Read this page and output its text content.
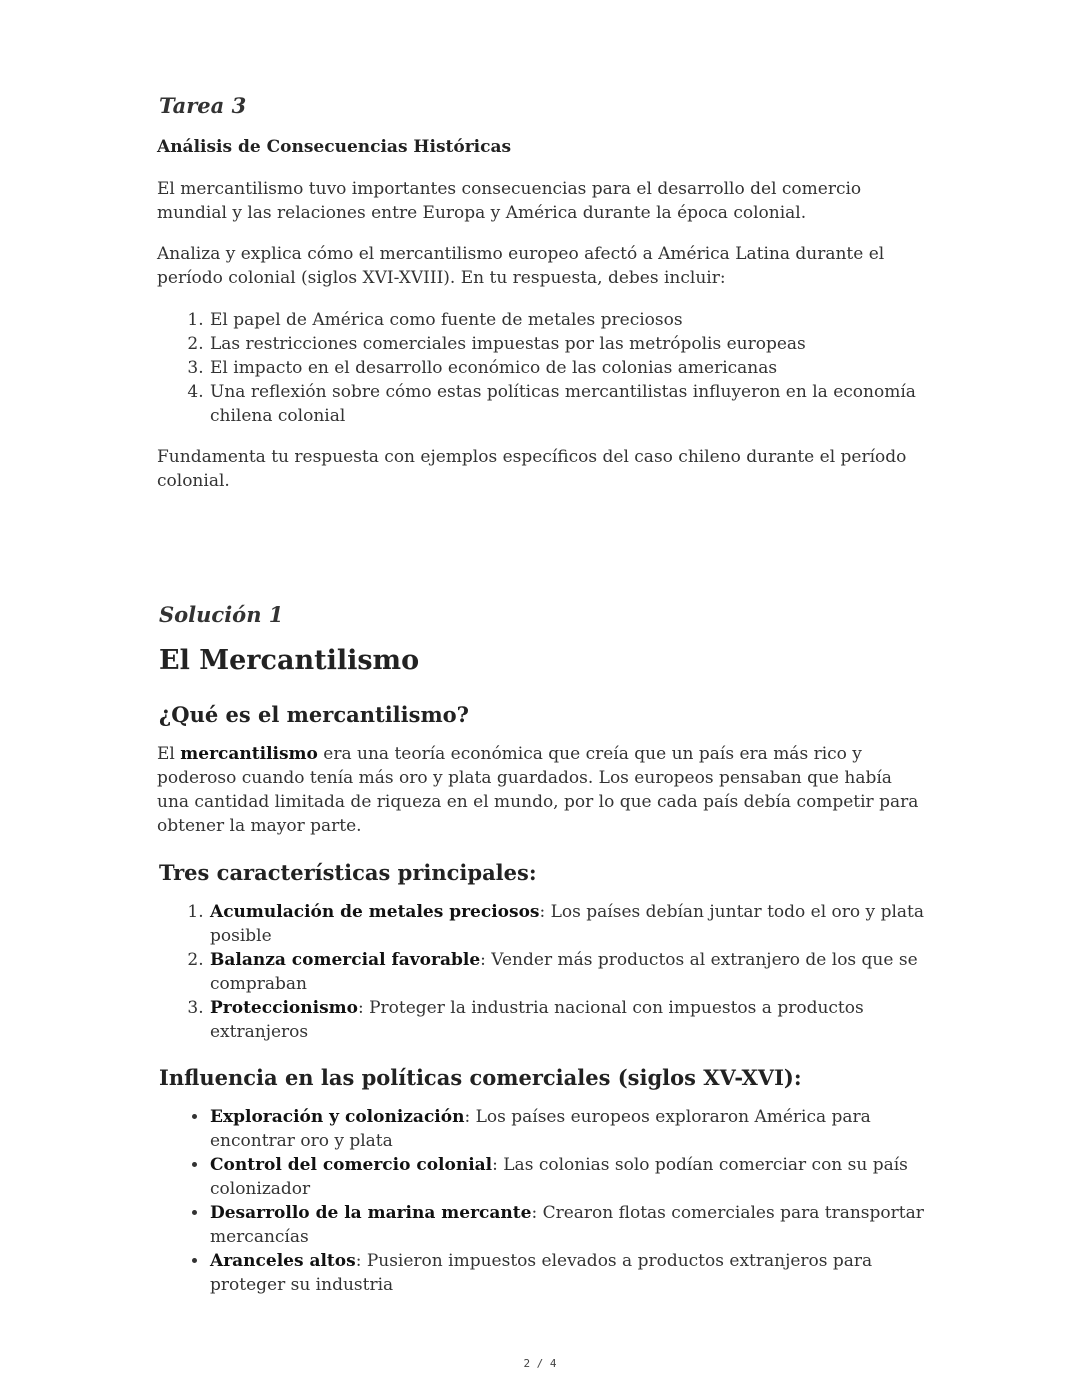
Tarea 3
Análisis de Consecuencias Históricas

El mercantilismo tuvo importantes consecuencias para el desarrollo del comercio mundial y las relaciones entre Europa y América durante la época colonial.

Analiza y explica cómo el mercantilismo europeo afectó a América Latina durante el período colonial (siglos XVI-XVIII). En tu respuesta, debes incluir:

1. El papel de América como fuente de metales preciosos
2. Las restricciones comerciales impuestas por las metrópolis europeas
3. El impacto en el desarrollo económico de las colonias americanas
4. Una reflexión sobre cómo estas políticas mercantilistas influyeron en la economía chilena colonial

Fundamenta tu respuesta con ejemplos específicos del caso chileno durante el período colonial.

Solución 1
El Mercantilismo
¿Qué es el mercantilismo?

El mercantilismo era una teoría económica que creía que un país era más rico y poderoso cuando tenía más oro y plata guardados. Los europeos pensaban que había una cantidad limitada de riqueza en el mundo, por lo que cada país debía competir para obtener la mayor parte.

Tres características principales:
1. Acumulación de metales preciosos: Los países debían juntar todo el oro y plata posible
2. Balanza comercial favorable: Vender más productos al extranjero de los que se compraban
3. Proteccionismo: Proteger la industria nacional con impuestos a productos extranjeros
Influencia en las políticas comerciales (siglos XV-XVI):
• Exploración y colonización: Los países europeos exploraron América para encontrar oro y plata
• Control del comercio colonial: Las colonias solo podían comerciar con su país colonizador
• Desarrollo de la marina mercante: Crearon flotas comerciales para transportar mercancías
• Aranceles altos: Pusieron impuestos elevados a productos extranjeros para proteger su industria
2 / 4
